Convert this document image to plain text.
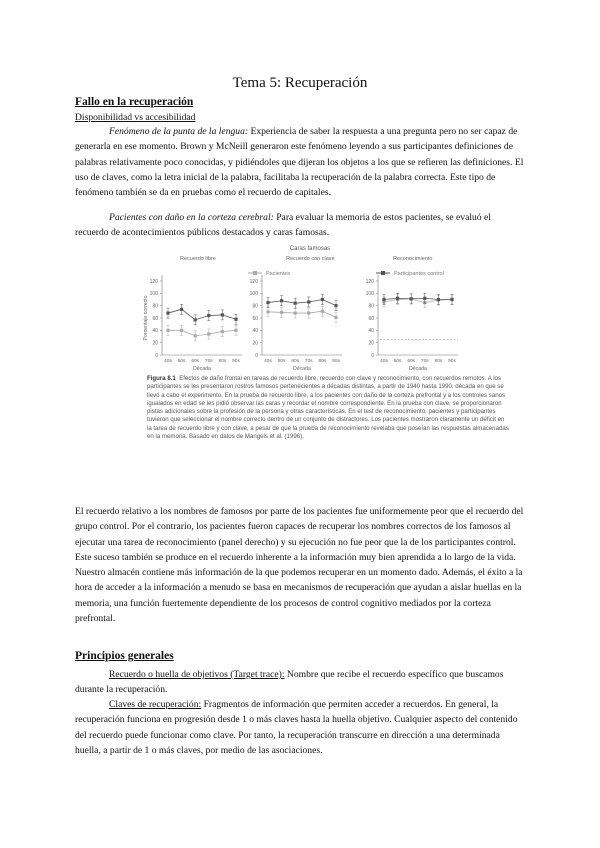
Tema 5: Recuperación
Fallo en la recuperación
Disponibilidad vs accesibilidad
Fenómeno de la punta de la lengua: Experiencia de saber la respuesta a una pregunta pero no ser capaz de generarla en ese momento. Brown y McNeill generaron este fenómeno leyendo a sus participantes definiciones de palabras relativamente poco conocidas, y pidiéndoles que dijeran los objetos a los que se refieren las definiciones. El uso de claves, como la letra inicial de la palabra, facilitaba la recuperación de la palabra correcta. Este tipo de fenómeno también se da en pruebas como el recuerdo de capitales.
Pacientes con daño en la corteza cerebral: Para evaluar la memoria de estos pacientes, se evaluó el recuerdo de acontecimientos públicos destacados y caras famosas.
Caras famosas
Pacientes	Participantes control
Recuerdo libre
0
20
40
60
80
100
120
40s 50s 60s 70s 80s 90s
Década
Porcentaje correcto
Recuerdo con clave
0
20
40
60
80
100
120
40s 50s 60s 70s 80s 90s
Década
Reconocimiento
0
20
40
60
80
100
120
40s 50s 60s 70s 80s 90s
Década
Figura 8.1 Efectos de daño frontal en tareas de recuerdo libre, recuerdo con clave y reconocimiento, con recuerdos remotos. A los participantes se les presentaron rostros famosos pertenecientes a décadas distintas, a partir de 1940 hasta 1990, década en que se llevó a cabo el experimento. En la prueba de recuerdo libre, a los pacientes con daño de la corteza prefrontal y a los controles sanos igualados en edad se les pidió observar las caras y recordar el nombre correspondiente. En la prueba con clave, se proporcionaron pistas adicionales sobre la profesión de la persona y otras características. En el test de reconocimiento, pacientes y participantes tuvieron que seleccionar el nombre correcto dentro de un conjunto de distractores. Los pacientes mostraron claramente un déficit en la tarea de recuerdo libre y con clave, a pesar de que la prueba de reconocimiento revelaba que poseían las respuestas almacenadas en la memoria. Basado en datos de Mangels et al. (1996).
El recuerdo relativo a los nombres de famosos por parte de los pacientes fue uniformemente peor que el recuerdo del grupo control. Por el contrario, los pacientes fueron capaces de recuperar los nombres correctos de los famosos al ejecutar una tarea de reconocimiento (panel derecho) y su ejecución no fue peor que la de los participantes control. Este suceso también se produce en el recuerdo inherente a la información muy bien aprendida a lo largo de la vida. Nuestro almacén contiene más información de la que podemos recuperar en un momento dado. Además, el éxito a la hora de acceder a la información a menudo se basa en mecanismos de recuperación que ayudan a aislar huellas en la memoria, una función fuertemente dependiente de los procesos de control cognitivo mediados por la corteza prefrontal.
Principios generales
Recuerdo o huella de objetivos (Target trace): Nombre que recibe el recuerdo específico que buscamos durante la recuperación.
Claves de recuperación: Fragmentos de información que permiten acceder a recuerdos. En general, la recuperación funciona en progresión desde 1 o más claves hasta la huella objetivo. Cualquier aspecto del contenido del recuerdo puede funcionar como clave. Por tanto, la recuperación transcurre en dirección a una determinada huella, a partir de 1 o más claves, por medio de las asociaciones.
